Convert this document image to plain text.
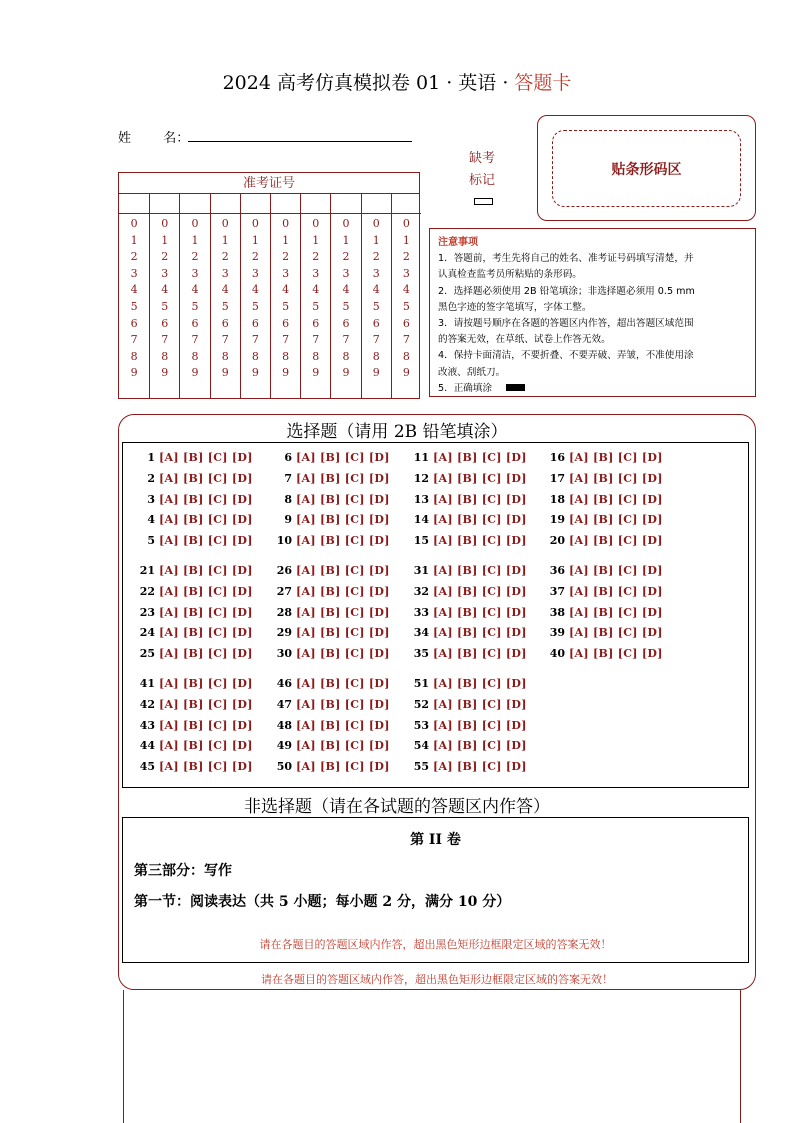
2024 高考仿真模拟卷 01 · 英语 · 答题卡
姓 名：
缺考
标记
贴条形码区
准考证号
0
1
2
3
4
5
6
7
8
9
0
1
2
3
4
5
6
7
8
9
0
1
2
3
4
5
6
7
8
9
0
1
2
3
4
5
6
7
8
9
0
1
2
3
4
5
6
7
8
9
0
1
2
3
4
5
6
7
8
9
0
1
2
3
4
5
6
7
8
9
0
1
2
3
4
5
6
7
8
9
0
1
2
3
4
5
6
7
8
9
0
1
2
3
4
5
6
7
8
9
注意事项
1．答题前，考生先将自己的姓名、准考证号码填写清楚，并
认真检查监考员所粘贴的条形码。
2．选择题必须使用 2B 铅笔填涂；非选择题必须用 0.5 mm
黑色字迹的签字笔填写，字体工整。
3．请按题号顺序在各题的答题区内作答，超出答题区域范围
的答案无效，在草纸、试卷上作答无效。
4．保持卡面清洁，不要折叠、不要弄破、弄皱，不准使用涂
改液、刮纸刀。
5．正确填涂
选择题（请用 2B 铅笔填涂）
1 [A] [B] [C] [D]
2 [A] [B] [C] [D]
3 [A] [B] [C] [D]
4 [A] [B] [C] [D]
5 [A] [B] [C] [D]
6 [A] [B] [C] [D]
7 [A] [B] [C] [D]
8 [A] [B] [C] [D]
9 [A] [B] [C] [D]
10 [A] [B] [C] [D]
11 [A] [B] [C] [D]
12 [A] [B] [C] [D]
13 [A] [B] [C] [D]
14 [A] [B] [C] [D]
15 [A] [B] [C] [D]
16 [A] [B] [C] [D]
17 [A] [B] [C] [D]
18 [A] [B] [C] [D]
19 [A] [B] [C] [D]
20 [A] [B] [C] [D]
21 [A] [B] [C] [D]
22 [A] [B] [C] [D]
23 [A] [B] [C] [D]
24 [A] [B] [C] [D]
25 [A] [B] [C] [D]
26 [A] [B] [C] [D]
27 [A] [B] [C] [D]
28 [A] [B] [C] [D]
29 [A] [B] [C] [D]
30 [A] [B] [C] [D]
31 [A] [B] [C] [D]
32 [A] [B] [C] [D]
33 [A] [B] [C] [D]
34 [A] [B] [C] [D]
35 [A] [B] [C] [D]
36 [A] [B] [C] [D]
37 [A] [B] [C] [D]
38 [A] [B] [C] [D]
39 [A] [B] [C] [D]
40 [A] [B] [C] [D]
41 [A] [B] [C] [D]
42 [A] [B] [C] [D]
43 [A] [B] [C] [D]
44 [A] [B] [C] [D]
45 [A] [B] [C] [D]
46 [A] [B] [C] [D]
47 [A] [B] [C] [D]
48 [A] [B] [C] [D]
49 [A] [B] [C] [D]
50 [A] [B] [C] [D]
51 [A] [B] [C] [D]
52 [A] [B] [C] [D]
53 [A] [B] [C] [D]
54 [A] [B] [C] [D]
55 [A] [B] [C] [D]
非选择题（请在各试题的答题区内作答）
第 II 卷
第三部分：写作
第一节：阅读表达（共 5 小题；每小题 2 分，满分 10 分）
请在各题目的答题区域内作答，超出黑色矩形边框限定区域的答案无效！
请在各题目的答题区域内作答，超出黑色矩形边框限定区域的答案无效！
